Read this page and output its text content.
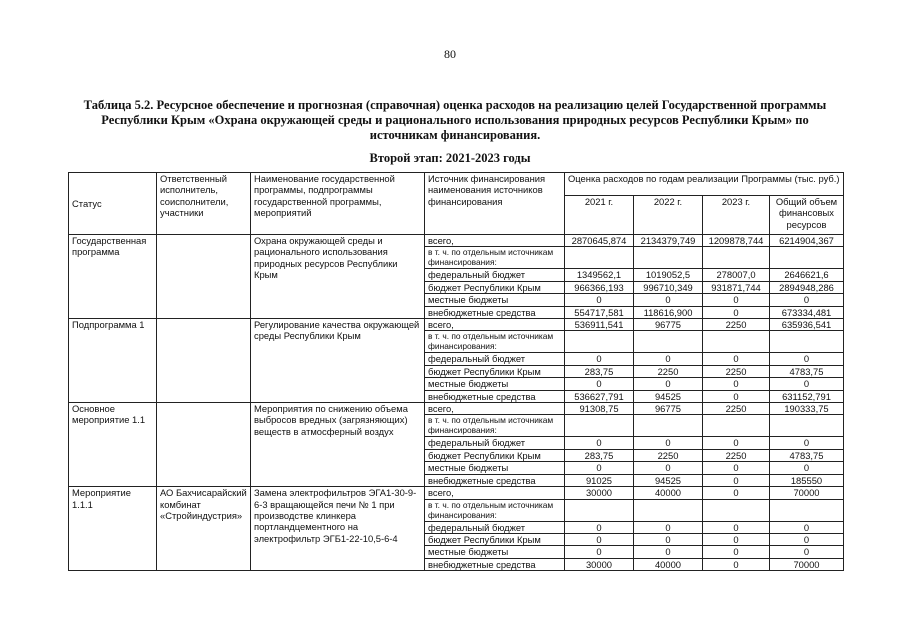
80
Таблица 5.2. Ресурсное обеспечение и прогнозная (справочная) оценка расходов на реализацию целей Государственной программы Республики Крым «Охрана окружающей среды и рационального использования природных ресурсов Республики Крым» по источникам финансирования.
Второй этап: 2021-2023 годы
Статус	Ответственный исполнитель, соисполнители, участники	Наименование государственной программы, подпрограммы государственной программы, мероприятий	Источник финансирования наименования источников финансирования	Оценка расходов по годам реализации Программы (тыс. руб.)			
				2021 г.	2022 г.	2023 г.	Общий объем финансовых ресурсов
Государственная программа		Охрана окружающей среды и рационального использования природных ресурсов Республики Крым	всего,	2870645,874	2134379,749	1209878,744	6214904,367
			в т. ч. по отдельным источникам финансирования:				
			федеральный бюджет	1349562,1	1019052,5	278007,0	2646621,6
			бюджет Республики Крым	966366,193	996710,349	931871,744	2894948,286
			местные бюджеты	0	0	0	0
			внебюджетные средства	554717,581	118616,900	0	673334,481
Подпрограмма 1		Регулирование качества окружающей среды Республики Крым	всего,	536911,541	96775	2250	635936,541
			в т. ч. по отдельным источникам финансирования:				
			федеральный бюджет	0	0	0	0
			бюджет Республики Крым	283,75	2250	2250	4783,75
			местные бюджеты	0	0	0	0
			внебюджетные средства	536627,791	94525	0	631152,791
Основное мероприятие 1.1		Мероприятия по снижению объема выбросов вредных (загрязняющих) веществ в атмосферный воздух	всего,	91308,75	96775	2250	190333,75
			в т. ч. по отдельным источникам финансирования:				
			федеральный бюджет	0	0	0	0
			бюджет Республики Крым	283,75	2250	2250	4783,75
			местные бюджеты	0	0	0	0
			внебюджетные средства	91025	94525	0	185550
Мероприятие 1.1.1	АО Бахчисарайский комбинат «Стройиндустрия»	Замена электрофильтров ЭГА1-30-9-6-3 вращающейся печи № 1 при производстве клинкера портландцементного на электрофильтр ЭГБ1-22-10,5-6-4	всего,	30000	40000	0	70000
			в т. ч. по отдельным источникам финансирования:				
			федеральный бюджет	0	0	0	0
			бюджет Республики Крым	0	0	0	0
			местные бюджеты	0	0	0	0
			внебюджетные средства	30000	40000	0	70000
